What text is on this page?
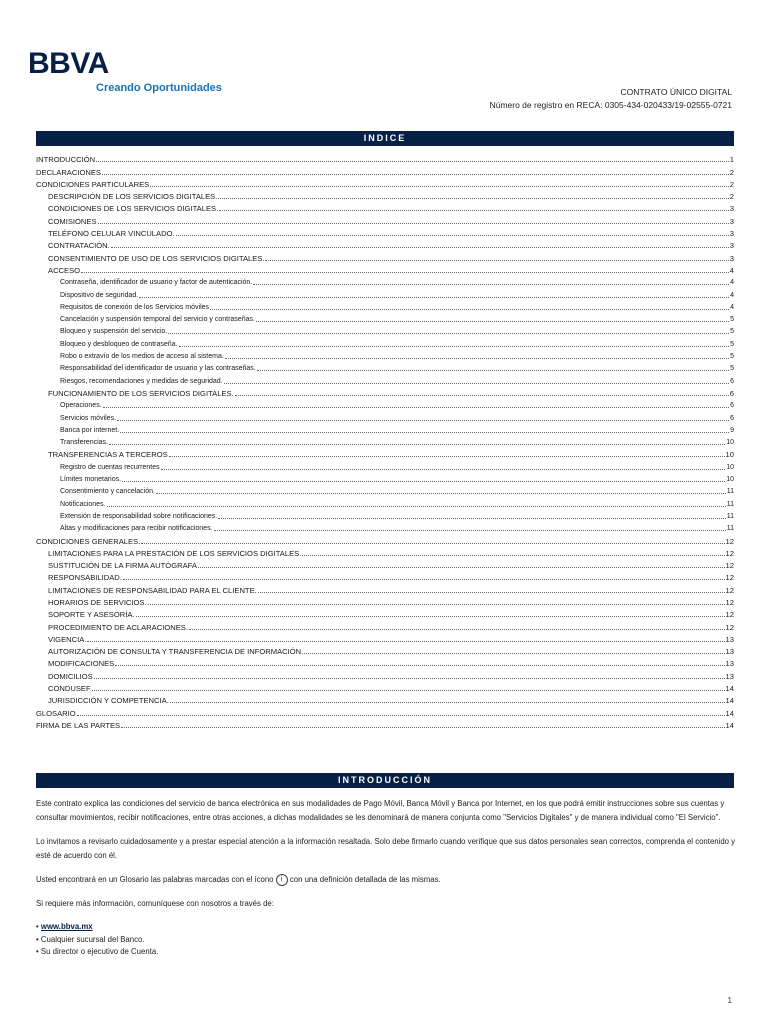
BBVA
Creando Oportunidades	CONTRATO ÚNICO DIGITAL
Número de registro en RECA: 0305-434-020433/19-02555-0721
INDICE
INTRODUCCIÓN	1
DECLARACIONES	2
CONDICIONES PARTICULARES	2
DESCRIPCIÓN DE LOS SERVICIOS DIGITALES.	2
CONDICIONES DE LOS SERVICIOS DIGITALES.	3
COMISIONES	3
TELÉFONO CELULAR VINCULADO.	3
CONTRATACIÓN.	3
CONSENTIMIENTO DE USO DE LOS SERVICIOS DIGITALES.	3
ACCESO	4
Contraseña, identificador de usuario y factor de autenticación.	4
Dispositivo de seguridad.	4
Requisitos de conexión de los Servicios móviles	4
Cancelación y suspensión temporal del servicio y contraseñas.	5
Bloqueo y suspensión del servicio.	5
Bloqueo y desbloqueo de contraseña.	5
Robo o extravío de los medios de acceso al sistema.	5
Responsabilidad del identificador de usuario y las contraseñas.	5
Riesgos, recomendaciones y medidas de seguridad.	6
FUNCIONAMIENTO DE LOS SERVICIOS DIGITALES.	6
Operaciones.	6
Servicios móviles.	6
Banca por internet.	9
Transferencias.	10
TRANSFERENCIAS A TERCEROS	10
Registro de cuentas recurrentes	10
Límites monetarios.	10
Consentimiento y cancelación.	11
Notificaciones.	11
Extensión de responsabilidad sobre notificaciones.	11
Altas y modificaciones para recibir notificaciones.	11
CONDICIONES GENERALES.	12
LIMITACIONES PARA LA PRESTACIÓN DE LOS SERVICIOS DIGITALES.	12
SUSTITUCIÓN DE LA FIRMA AUTÓGRAFA	12
RESPONSABILIDAD.	12
LIMITACIONES DE RESPONSABILIDAD PARA EL CLIENTE.	12
HORARIOS DE SERVICIOS.	12
SOPORTE Y ASESORÍA.	12
PROCEDIMIENTO DE ACLARACIONES.	12
VIGENCIA.	13
AUTORIZACIÓN DE CONSULTA Y TRANSFERENCIA DE INFORMACIÓN.	13
MODIFICACIONES	13
DOMICILIOS	13
CONDUSEF	14
JURISDICCIÓN Y COMPETENCIA.	14
GLOSARIO	14
FIRMA DE LAS PARTES	14
INTRODUCCIÓN

Este contrato explica las condiciones del servicio de banca electrónica en sus modalidades de Pago Móvil, Banca Móvil y Banca por Internet, en los que podrá emitir instrucciones sobre sus cuentas y consultar movimientos, recibir notificaciones, entre otras acciones, a dichas modalidades se les denominará de manera conjunta como "Servicios Digitales" y de manera individual como "El Servicio".

Lo invitamos a revisarlo cuidadosamente y a prestar especial atención a la información resaltada. Solo debe firmarlo cuando verifique que sus datos personales sean correctos, comprenda el contenido y esté de acuerdo con él.

Usted encontrará en un Glosario las palabras marcadas con el ícono i con una definición detallada de las mismas.

Si requiere más información, comuníquese con nosotros a través de:

• www.bbva.mx
• Cualquier sucursal del Banco.
• Su director o ejecutivo de Cuenta.
1
